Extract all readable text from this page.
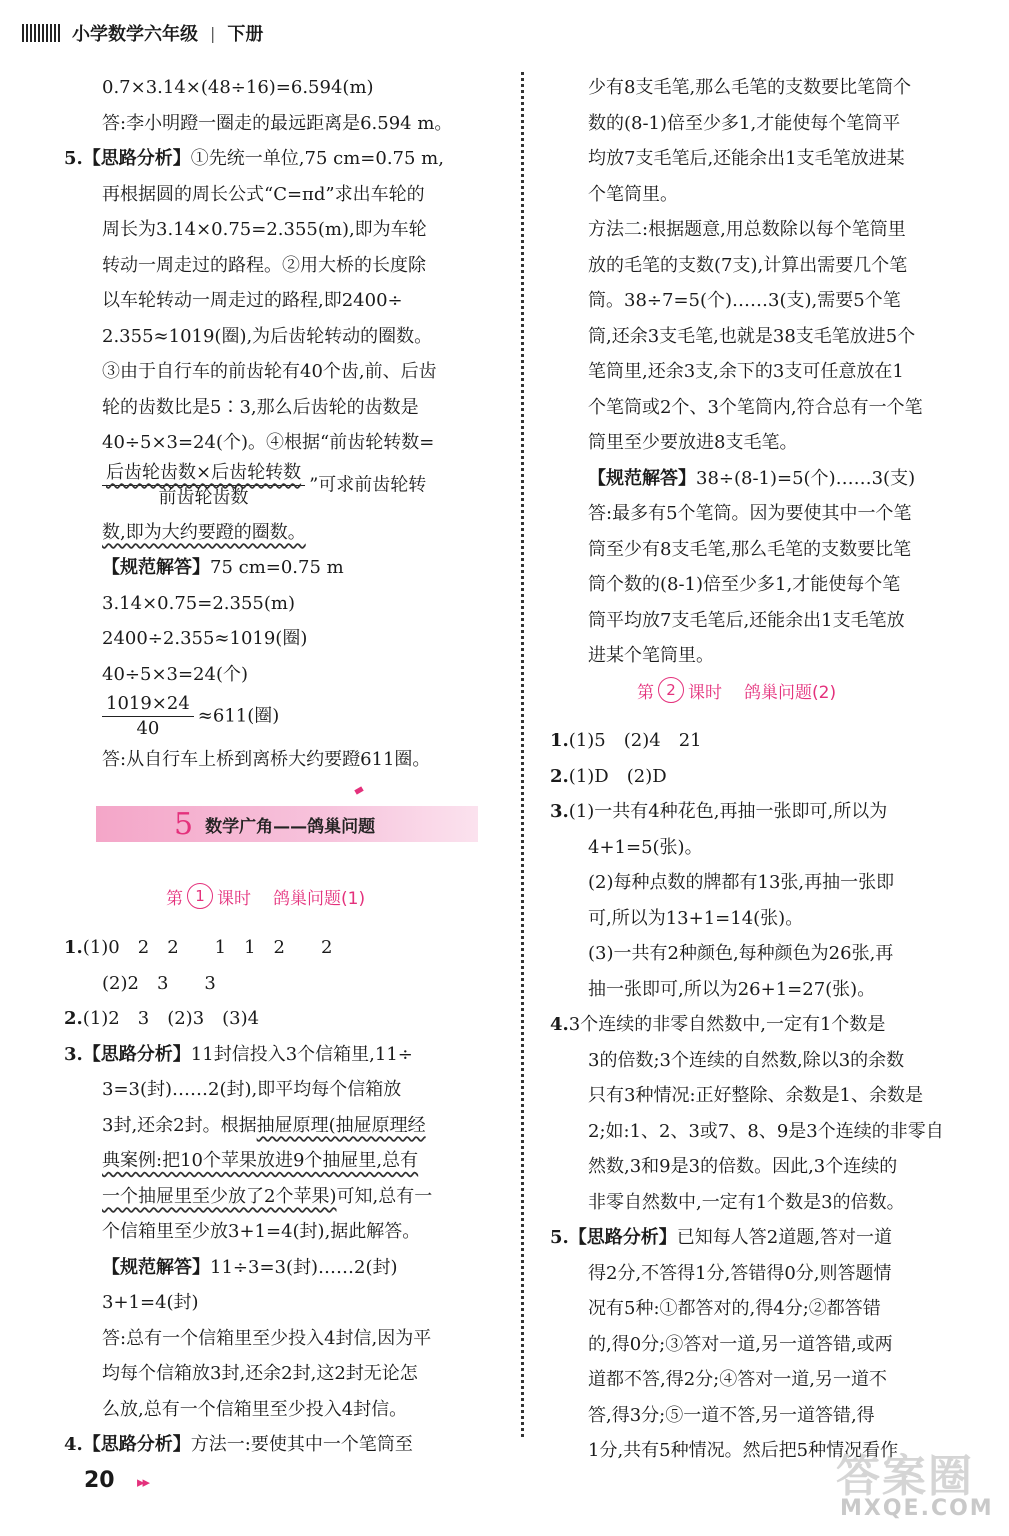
小学数学六年级 | 下册
0.7×3.14×(48÷16)=6.594(m)
答:李小明蹬一圈走的最远距离是6.594 m。
5.【思路分析】①先统一单位,75 cm=0.75 m,
再根据圆的周长公式“C=πd”求出车轮的
周长为3.14×0.75=2.355(m),即为车轮
转动一周走过的路程。②用大桥的长度除
以车轮转动一周走过的路程,即2400÷
2.355≈1019(圈),为后齿轮转动的圈数。
③由于自行车的前齿轮有40个齿,前、后齿
轮的齿数比是5∶3,那么后齿轮的齿数是
40÷5×3=24(个)。④根据“前齿轮转数=
$\frac{\text{后齿轮齿数×后齿轮转数}}{\text{前齿轮齿数}}$ ”可求前齿轮转
数,即为大约要蹬的圈数。
【规范解答】75 cm=0.75 m
3.14×0.75=2.355(m)
2400÷2.355≈1019(圈)
40÷5×3=24(个)
$\frac{1019\times 24}{40} \approx 611$(圈)
答:从自行车上桥到离桥大约要蹬611圈。
5 数学广角——鸽巢问题
第 1 课时 鸽巢问题(1)
1.(1)0　2　2　　1　1　2　　2
(2)2　3　　3
2.(1)2　3　(2)3　(3)4
3.【思路分析】11封信投入3个信箱里,11÷
3=3(封)……2(封),即平均每个信箱放
3封,还余2封。根据抽屉原理(抽屉原理经
典案例:把10个苹果放进9个抽屉里,总有
一个抽屉里至少放了2个苹果)可知,总有一
个信箱里至少放3+1=4(封),据此解答。
【规范解答】11÷3=3(封)……2(封)
3+1=4(封)
答:总有一个信箱里至少投入4封信,因为平
均每个信箱放3封,还余2封,这2封无论怎
么放,总有一个信箱里至少投入4封信。
4.【思路分析】方法一:要使其中一个笔筒至
少有8支毛笔,那么毛笔的支数要比笔筒个
数的(8-1)倍至少多1,才能使每个笔筒平
均放7支毛笔后,还能余出1支毛笔放进某
个笔筒里。
方法二:根据题意,用总数除以每个笔筒里
放的毛笔的支数(7支),计算出需要几个笔
筒。38÷7=5(个)……3(支),需要5个笔
筒,还余3支毛笔,也就是38支毛笔放进5个
笔筒里,还余3支,余下的3支可任意放在1
个笔筒或2个、3个笔筒内,符合总有一个笔
筒里至少要放进8支毛笔。
【规范解答】38÷(8-1)=5(个)……3(支)
答:最多有5个笔筒。因为要使其中一个笔
筒至少有8支毛笔,那么毛笔的支数要比笔
筒个数的(8-1)倍至少多1,才能使每个笔
筒平均放7支毛笔后,还能余出1支毛笔放
进某个笔筒里。
第 2 课时 鸽巢问题(2)
1.(1)5　(2)4　21
2.(1)D　(2)D
3.(1)一共有4种花色,再抽一张即可,所以为
4+1=5(张)。
(2)每种点数的牌都有13张,再抽一张即
可,所以为13+1=14(张)。
(3)一共有2种颜色,每种颜色为26张,再
抽一张即可,所以为26+1=27(张)。
4.3个连续的非零自然数中,一定有1个数是
3的倍数;3个连续的自然数,除以3的余数
只有3种情况:正好整除、余数是1、余数是
2;如:1、2、3或7、8、9是3个连续的非零自
然数,3和9是3的倍数。因此,3个连续的
非零自然数中,一定有1个数是3的倍数。
5.【思路分析】已知每人答2道题,答对一道
得2分,不答得1分,答错得0分,则答题情
况有5种:①都答对的,得4分;②都答错
的,得0分;③答对一道,另一道答错,或两
道都不答,得2分;④答对一道,另一道不
答,得3分;⑤一道不答,另一道答错,得
1分,共有5种情况。然后把5种情况看作
20 ▸▸	答案圈
MXQE.COM
